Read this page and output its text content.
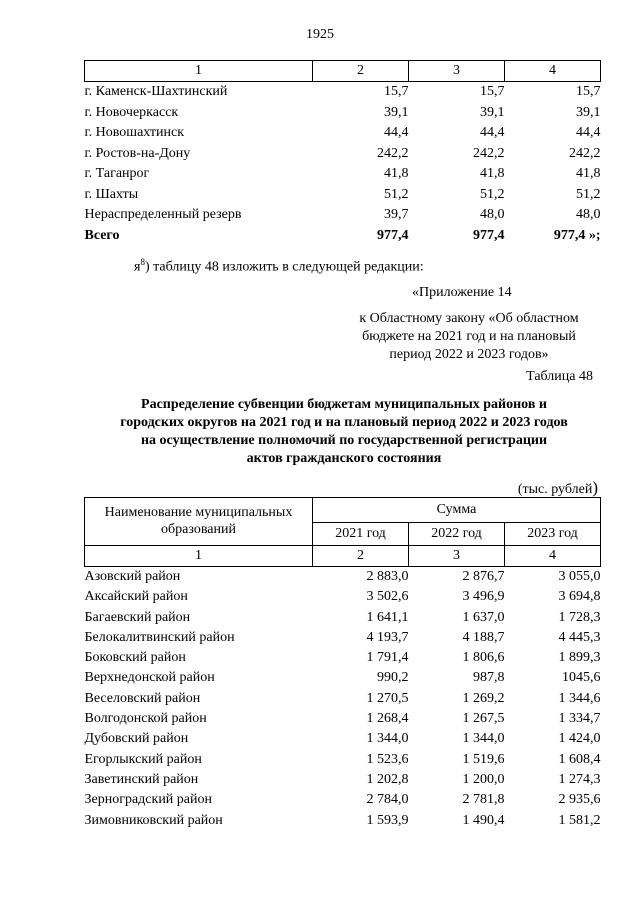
1925
1	2	3	4
г. Каменск-Шахтинский	15,7	15,7	15,7
г. Новочеркасск	39,1	39,1	39,1
г. Новошахтинск	44,4	44,4	44,4
г. Ростов-на-Дону	242,2	242,2	242,2
г. Таганрог	41,8	41,8	41,8
г. Шахты	51,2	51,2	51,2
Нераспределенный резерв	39,7	48,0	48,0
Всего	977,4	977,4	977,4 »;
$я^8$) таблицу 48 изложить в следующей редакции:
«Приложение 14
к Областному закону «Об областном
бюджете на 2021 год и на плановый
период 2022 и 2023 годов»
Таблица 48
Распределение субвенции бюджетам муниципальных районов и
городских округов на 2021 год и на плановый период 2022 и 2023 годов
на осуществление полномочий по государственной регистрации
актов гражданского состояния
(тыс. рублей)
Наименование муниципальных
образований	Сумма		
	2021 год	2022 год	2023 год
1	2	3	4
Азовский район	2 883,0	2 876,7	3 055,0
Аксайский район	3 502,6	3 496,9	3 694,8
Багаевский район	1 641,1	1 637,0	1 728,3
Белокалитвинский район	4 193,7	4 188,7	4 445,3
Боковский район	1 791,4	1 806,6	1 899,3
Верхнедонской район	990,2	987,8	1045,6
Веселовский район	1 270,5	1 269,2	1 344,6
Волгодонской район	1 268,4	1 267,5	1 334,7
Дубовский район	1 344,0	1 344,0	1 424,0
Егорлыкский район	1 523,6	1 519,6	1 608,4
Заветинский район	1 202,8	1 200,0	1 274,3
Зерноградский район	2 784,0	2 781,8	2 935,6
Зимовниковский район	1 593,9	1 490,4	1 581,2
